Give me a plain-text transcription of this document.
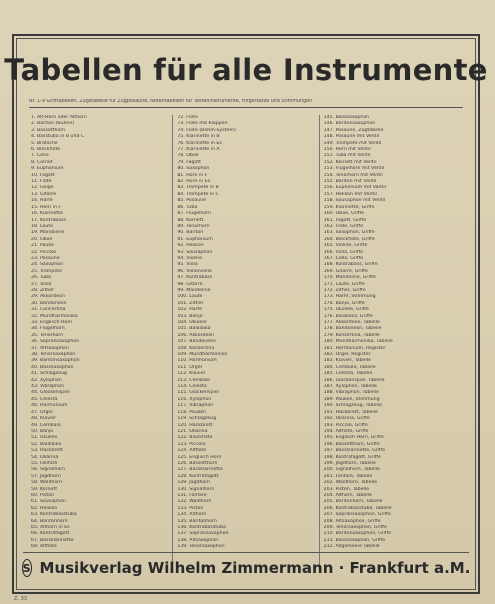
Tabellen für alle Instrumente
Nr. 1-9 Grifftabellen, Zugstabelle für Zugposaune, Notentabellen für Tasteninstrumente, Fingersätze und Stimmungen
1. Alt-Horn oder Althorn
2. Bariton (Bühne)
3. Bassetthorn
4. Basstuba in B und C
5. Bratsche
6. Blockflöte
7. Cello
8. Cornet
9. Euphonium
10. Fagott
11. Flöte
12. Geige
13. Gitarre
14. Harfe
15. Horn in F
16. Klarinette
17. Kontrabass
18. Laute
19. Mandoline
20. Oboe
21. Pauke
22. Piccolo
23. Posaune
24. Saxophon
25. Trompete
26. Tuba
27. Viola
28. Zither
29. Akkordeon
30. Bandoneon
31. Concertina
32. Mundharmonika
33. Englisch Horn
34. Flügelhorn
35. Tenorhorn
36. Sopransaxophon
37. Altsaxophon
38. Tenorsaxophon
39. Baritonsaxophon
40. Basssaxophon
41. Schlagzeug
42. Xylophon
43. Vibraphon
44. Glockenspiel
45. Celesta
46. Harmonium
47. Orgel
48. Klavier
49. Cembalo
50. Banjo
51. Ukulele
52. Balalaika
53. Hackbrett
54. Okarina
55. Fanfare
56. Signalhorn
57. Jagdhorn
58. Waldhorn
59. Kornett
60. Piston
61. Sousaphon
62. Helikon
63. Kontrabasstuba
64. Baritonhorn
65. Althorn in Es
66. Kontrafagott
67. Bassklarinette
68. Altflöte
72. Flöte
73. Flöte mit Klappen
74. Flöte (Böhm-System)
75. Klarinette in B
76. Klarinette in Es
77. Klarinette in A
78. Oboe
79. Fagott
80. Saxophon
81. Horn in F
82. Horn in Es
83. Trompete in B
84. Trompete in C
85. Posaune
86. Tuba
87. Flügelhorn
88. Kornett
89. Tenorhorn
90. Bariton
91. Euphonium
92. Helikon
93. Sousaphon
94. Violine
95. Viola
96. Violoncello
97. Kontrabass
98. Gitarre
99. Mandoline
100. Laute
101. Zither
102. Harfe
103. Banjo
104. Ukulele
105. Balalaika
106. Akkordeon
107. Bandoneon
108. Konzertina
109. Mundharmonika
110. Harmonium
111. Orgel
112. Klavier
113. Cembalo
114. Celesta
115. Glockenspiel
116. Xylophon
117. Vibraphon
118. Pauken
119. Schlagzeug
120. Hackbrett
121. Okarina
122. Blockflöte
123. Piccolo
124. Altflöte
125. Englisch Horn
126. Bassetthorn
127. Bassklarinette
128. Kontrafagott
129. Jagdhorn
130. Signalhorn
131. Fanfare
132. Waldhorn
133. Piston
134. Althorn
135. Baritonhorn
136. Kontrabasstuba
137. Sopransaxophon
138. Altsaxophon
139. Tenorsaxophon
145. Basssaxophon
146. Baritonsaxophon
147. Posaune, Zugtabelle
148. Posaune mit Ventil
149. Trompete mit Ventil
150. Horn mit Ventil
151. Tuba mit Ventil
152. Kornett mit Ventil
153. Flügelhorn mit Ventil
154. Tenorhorn mit Ventil
155. Bariton mit Ventil
156. Euphonium mit Ventil
157. Helikon mit Ventil
158. Sousaphon mit Ventil
159. Klarinette, Griffe
160. Oboe, Griffe
161. Fagott, Griffe
162. Flöte, Griffe
163. Saxophon, Griffe
164. Blockflöte, Griffe
165. Violine, Griffe
166. Viola, Griffe
167. Cello, Griffe
168. Kontrabass, Griffe
169. Gitarre, Griffe
170. Mandoline, Griffe
171. Laute, Griffe
172. Zither, Griffe
173. Harfe, Stimmung
174. Banjo, Griffe
175. Ukulele, Griffe
176. Balalaika, Griffe
177. Akkordeon, Tabelle
178. Bandoneon, Tabelle
179. Konzertina, Tabelle
180. Mundharmonika, Tabelle
181. Harmonium, Register
182. Orgel, Register
183. Klavier, Tabelle
184. Cembalo, Tabelle
185. Celesta, Tabelle
186. Glockenspiel, Tabelle
187. Xylophon, Tabelle
188. Vibraphon, Tabelle
189. Pauken, Stimmung
190. Schlagzeug, Tabelle
191. Hackbrett, Tabelle
192. Okarina, Griffe
193. Piccolo, Griffe
194. Altflöte, Griffe
195. Englisch Horn, Griffe
196. Bassetthorn, Griffe
197. Bassklarinette, Griffe
198. Kontrafagott, Griffe
199. Jagdhorn, Tabelle
200. Signalhorn, Tabelle
201. Fanfare, Tabelle
202. Waldhorn, Tabelle
203. Piston, Tabelle
204. Althorn, Tabelle
205. Baritonhorn, Tabelle
206. Kontrabasstuba, Tabelle
207. Sopransaxophon, Griffe
208. Altsaxophon, Griffe
209. Tenorsaxophon, Griffe
210. Baritonsaxophon, Griffe
211. Basssaxophon, Griffe
212. Allgemeine Tabelle
S Musikverlag Wilhelm Zimmermann · Frankfurt a.M.
Z. 33
